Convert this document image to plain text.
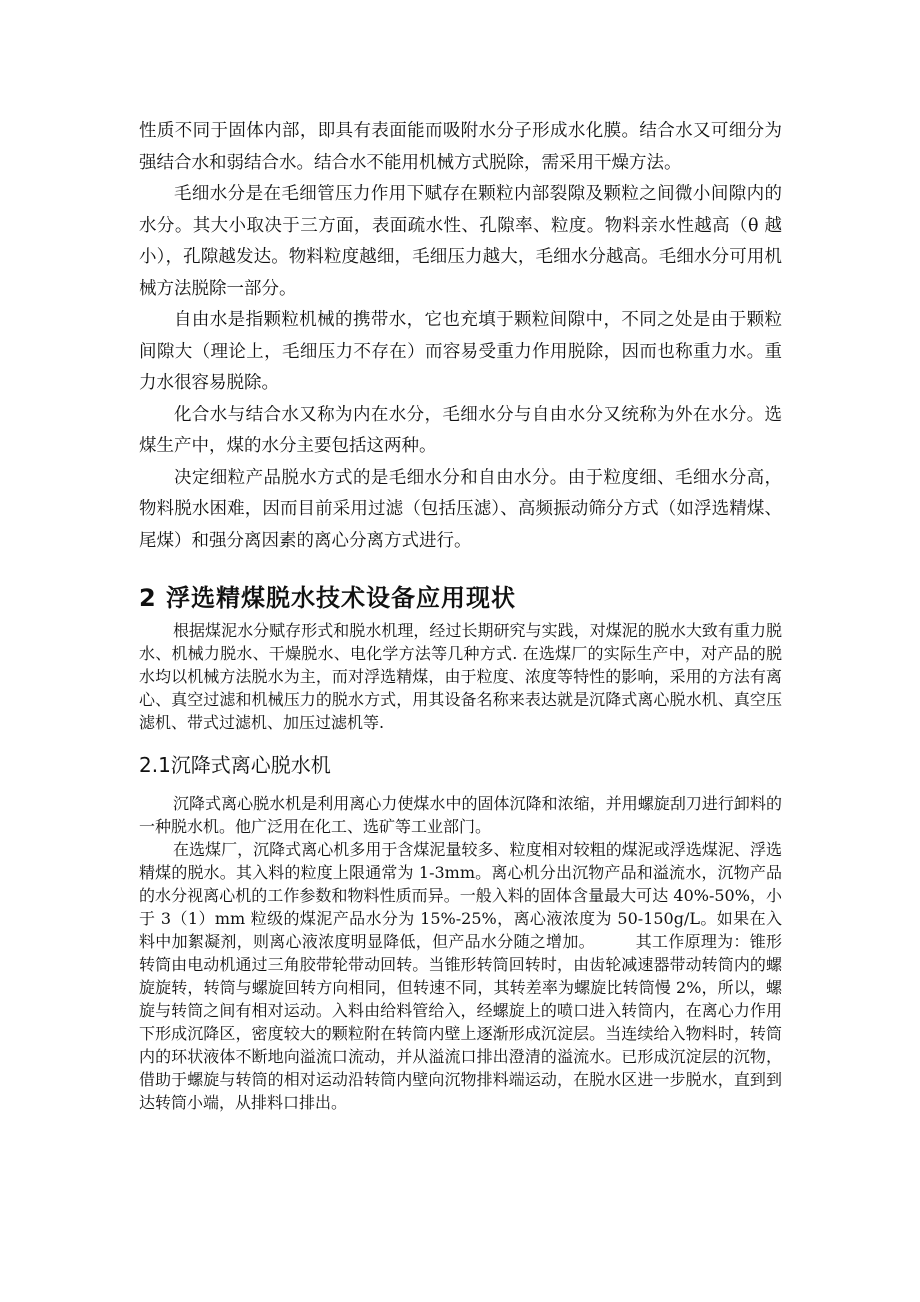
性质不同于固体内部，即具有表面能而吸附水分子形成水化膜。结合水又可细分为强结合水和弱结合水。结合水不能用机械方式脱除，需采用干燥方法。

毛细水分是在毛细管压力作用下赋存在颗粒内部裂隙及颗粒之间微小间隙内的水分。其大小取决于三方面，表面疏水性、孔隙率、粒度。物料亲水性越高（θ 越小），孔隙越发达。物料粒度越细，毛细压力越大，毛细水分越高。毛细水分可用机械方法脱除一部分。

自由水是指颗粒机械的携带水，它也充填于颗粒间隙中，不同之处是由于颗粒间隙大（理论上，毛细压力不存在）而容易受重力作用脱除，因而也称重力水。重力水很容易脱除。

化合水与结合水又称为内在水分，毛细水分与自由水分又统称为外在水分。选煤生产中，煤的水分主要包括这两种。

决定细粒产品脱水方式的是毛细水分和自由水分。由于粒度细、毛细水分高，物料脱水困难，因而目前采用过滤（包括压滤）、高频振动筛分方式（如浮选精煤、尾煤）和强分离因素的离心分离方式进行。

2 浮选精煤脱水技术设备应用现状

根据煤泥水分赋存形式和脱水机理，经过长期研究与实践，对煤泥的脱水大致有重力脱水、机械力脱水、干燥脱水、电化学方法等几种方式. 在选煤厂的实际生产中，对产品的脱水均以机械方法脱水为主，而对浮选精煤，由于粒度、浓度等特性的影响，采用的方法有离心、真空过滤和机械压力的脱水方式，用其设备名称来表达就是沉降式离心脱水机、真空压滤机、带式过滤机、加压过滤机等.

2.1沉降式离心脱水机

沉降式离心脱水机是利用离心力使煤水中的固体沉降和浓缩，并用螺旋刮刀进行卸料的一种脱水机。他广泛用在化工、选矿等工业部门。

在选煤厂，沉降式离心机多用于含煤泥量较多、粒度相对较粗的煤泥或浮选煤泥、浮选精煤的脱水。其入料的粒度上限通常为 1-3mm。离心机分出沉物产品和溢流水，沉物产品的水分视离心机的工作参数和物料性质而异。一般入料的固体含量最大可达 40%-50%，小于 3（1）mm 粒级的煤泥产品水分为 15%-25%，离心液浓度为 50-150g/L。如果在入料中加絮凝剂，则离心液浓度明显降低，但产品水分随之增加。　　　其工作原理为：锥形转筒由电动机通过三角胶带轮带动回转。当锥形转筒回转时，由齿轮减速器带动转筒内的螺旋旋转，转筒与螺旋回转方向相同，但转速不同，其转差率为螺旋比转筒慢 2%，所以，螺旋与转筒之间有相对运动。入料由给料管给入，经螺旋上的喷口进入转筒内，在离心力作用下形成沉降区，密度较大的颗粒附在转筒内壁上逐渐形成沉淀层。当连续给入物料时，转筒内的环状液体不断地向溢流口流动，并从溢流口排出澄清的溢流水。已形成沉淀层的沉物，借助于螺旋与转筒的相对运动沿转筒内壁向沉物排料端运动，在脱水区进一步脱水，直到到达转筒小端，从排料口排出。
